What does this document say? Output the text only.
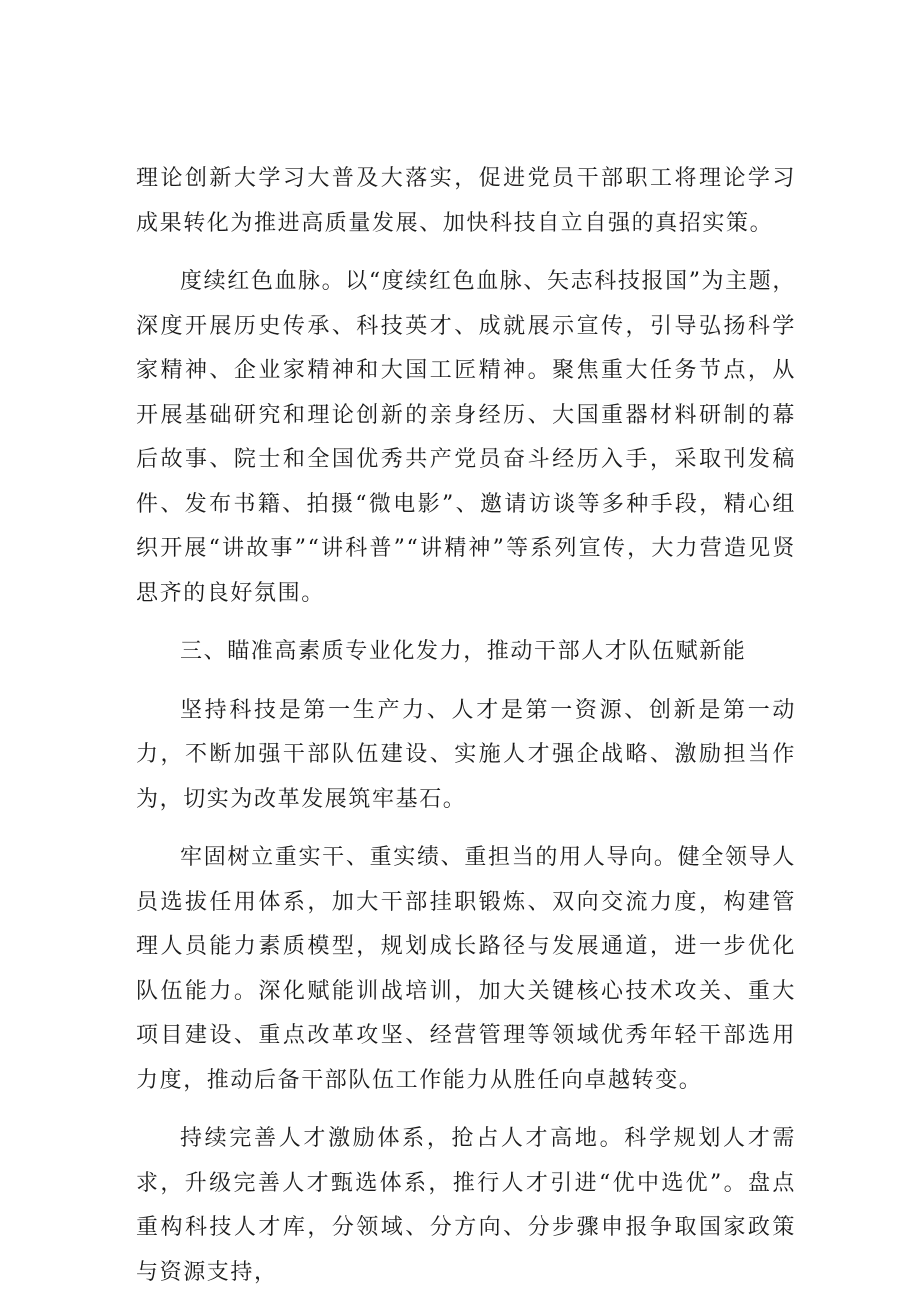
理论创新大学习大普及大落实，促进党员干部职工将理论学习成果转化为推进高质量发展、加快科技自立自强的真招实策。

度续红色血脉。以“度续红色血脉、矢志科技报国”为主题，深度开展历史传承、科技英才、成就展示宣传，引导弘扬科学家精神、企业家精神和大国工匠精神。聚焦重大任务节点，从开展基础研究和理论创新的亲身经历、大国重器材料研制的幕后故事、院士和全国优秀共产党员奋斗经历入手，采取刊发稿件、发布书籍、拍摄“微电影”、邀请访谈等多种手段，精心组织开展“讲故事”“讲科普”“讲精神”等系列宣传，大力营造见贤思齐的良好氛围。

三、瞄准高素质专业化发力，推动干部人才队伍赋新能

坚持科技是第一生产力、人才是第一资源、创新是第一动力，不断加强干部队伍建设、实施人才强企战略、激励担当作为，切实为改革发展筑牢基石。

牢固树立重实干、重实绩、重担当的用人导向。健全领导人员选拔任用体系，加大干部挂职锻炼、双向交流力度，构建管理人员能力素质模型，规划成长路径与发展通道，进一步优化队伍能力。深化赋能训战培训，加大关键核心技术攻关、重大项目建设、重点改革攻坚、经营管理等领域优秀年轻干部选用力度，推动后备干部队伍工作能力从胜任向卓越转变。

持续完善人才激励体系，抢占人才高地。科学规划人才需求，升级完善人才甄选体系，推行人才引进“优中选优”。盘点重构科技人才库，分领域、分方向、分步骤申报争取国家政策与资源支持，
